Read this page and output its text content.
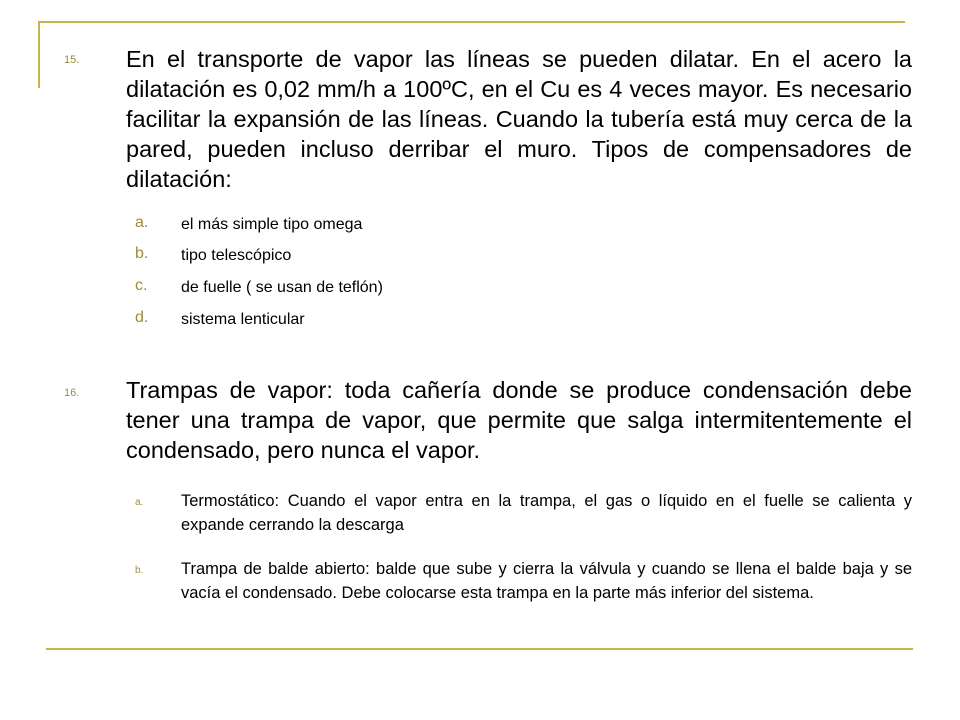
15. En el transporte de vapor las líneas se pueden dilatar. En el acero la dilatación es 0,02 mm/h a 100ºC, en el Cu es 4 veces mayor. Es necesario facilitar la expansión de las líneas. Cuando la tubería está muy cerca de la pared, pueden incluso derribar el muro. Tipos de compensadores de dilatación:
a. el más simple tipo omega
b. tipo telescópico
c. de fuelle ( se usan de teflón)
d. sistema lenticular
16. Trampas de vapor: toda cañería donde se produce condensación debe tener una trampa de vapor, que permite que salga intermitentemente el condensado, pero nunca el vapor.
a. Termostático: Cuando el vapor entra en la trampa, el gas o líquido en el fuelle se calienta y expande cerrando la descarga
b. Trampa de balde abierto: balde que sube y cierra la válvula y cuando se llena el balde baja y se vacía el condensado. Debe colocarse esta trampa en la parte más inferior del sistema.
